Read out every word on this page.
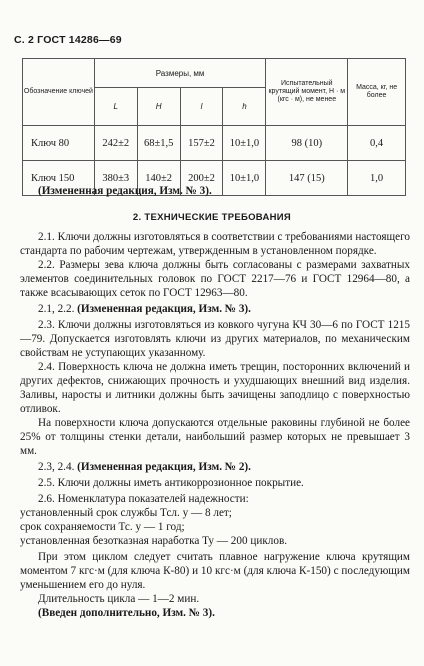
С. 2 ГОСТ 14286—69
Обозначение ключей	Размеры, мм				Испытательный крутящий момент, Н · м (кгс · м), не менее	Масса, кг, не более
	L	H	l	h		
Ключ 80	242±2	68±1,5	157±2	10±1,0	98 (10)	0,4
Ключ 150	380±3	140±2	200±2	10±1,0	147 (15)	1,0

(Измененная редакция, Изм. № 3).

2. ТЕХНИЧЕСКИЕ ТРЕБОВАНИЯ

2.1. Ключи должны изготовляться в соответствии с требованиями настоящего стандарта по рабочим чертежам, утвержденным в установленном порядке.

2.2. Размеры зева ключа должны быть согласованы с размерами захватных элементов соединительных головок по ГОСТ 2217—76 и ГОСТ 12964—80, а также всасывающих сеток по ГОСТ 12963—80.

2.1, 2.2. (Измененная редакция, Изм. № 3).

2.3. Ключи должны изготовляться из ковкого чугуна КЧ 30—6 по ГОСТ 1215—79. Допускается изготовлять ключи из других материалов, по механическим свойствам не уступающих указанному.

2.4. Поверхность ключа не должна иметь трещин, посторонних включений и других дефектов, снижающих прочность и ухудшающих внешний вид изделия. Заливы, наросты и литники должны быть зачищены заподлицо с поверхностью отливок.

На поверхности ключа допускаются отдельные раковины глубиной не более 25% от толщины стенки детали, наибольший размер которых не превышает 3 мм.

2.3, 2.4. (Измененная редакция, Изм. № 2).

2.5. Ключи должны иметь антикоррозионное покрытие.

2.6. Номенклатура показателей надежности:

установленный срок службы Тсл. у — 8 лет;

срок сохраняемости Тс. у — 1 год;

установленная безотказная наработка Ту — 200 циклов.

При этом циклом следует считать плавное нагружение ключа крутящим моментом 7 кгс·м (для ключа К-80) и 10 кгс·м (для ключа К-150) с последующим уменьшением его до нуля.

Длительность цикла — 1—2 мин.

(Введен дополнительно, Изм. № 3).
